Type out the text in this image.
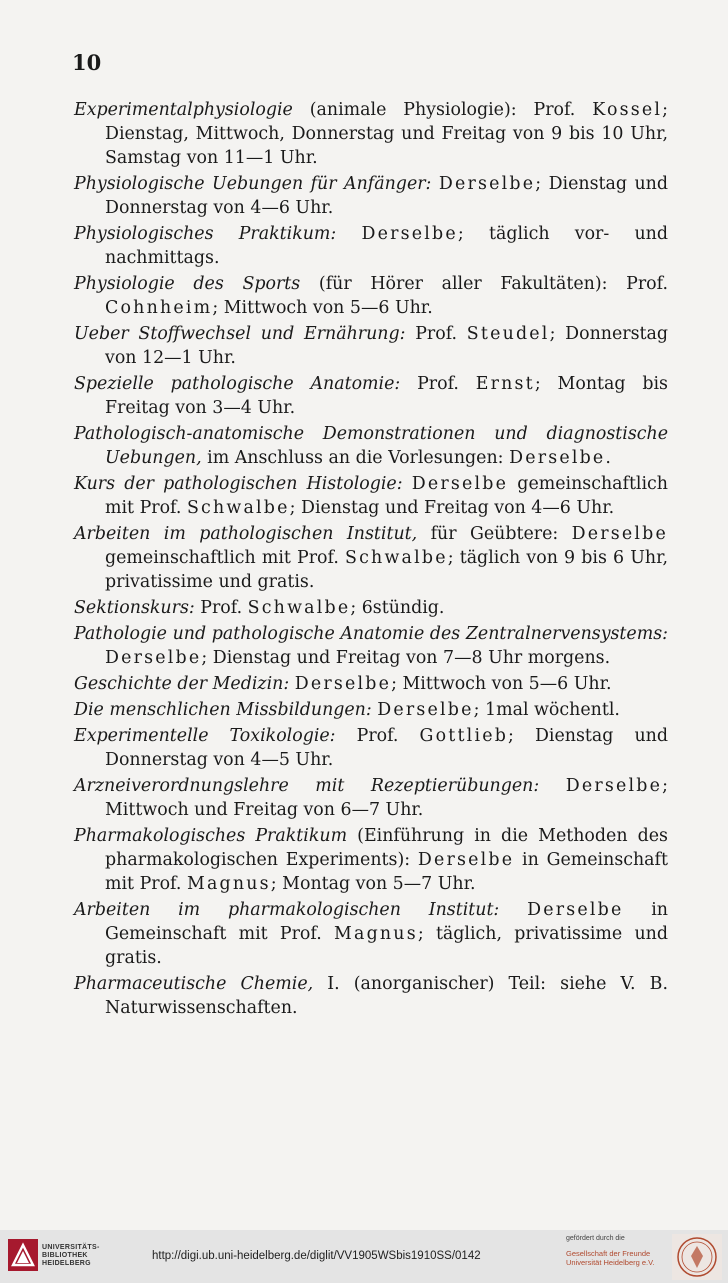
10

Experimentalphysiologie (animale Physiologie): Prof. Kossel; Dienstag, Mittwoch, Donnerstag und Freitag von 9 bis 10 Uhr, Samstag von 11—1 Uhr.

Physiologische Uebungen für Anfänger: Derselbe; Dienstag und Donnerstag von 4—6 Uhr.

Physiologisches Praktikum: Derselbe; täglich vor- und nachmittags.

Physiologie des Sports (für Hörer aller Fakultäten): Prof. Cohnheim; Mittwoch von 5—6 Uhr.

Ueber Stoffwechsel und Ernährung: Prof. Steudel; Donnerstag von 12—1 Uhr.

Spezielle pathologische Anatomie: Prof. Ernst; Montag bis Freitag von 3—4 Uhr.

Pathologisch-anatomische Demonstrationen und diagnostische Uebungen, im Anschluss an die Vorlesungen: Derselbe.

Kurs der pathologischen Histologie: Derselbe gemeinschaftlich mit Prof. Schwalbe; Dienstag und Freitag von 4—6 Uhr.

Arbeiten im pathologischen Institut, für Geübtere: Derselbe gemeinschaftlich mit Prof. Schwalbe; täglich von 9 bis 6 Uhr, privatissime und gratis.

Sektionskurs: Prof. Schwalbe; 6stündig.

Pathologie und pathologische Anatomie des Zentralnervensystems: Derselbe; Dienstag und Freitag von 7—8 Uhr morgens.

Geschichte der Medizin: Derselbe; Mittwoch von 5—6 Uhr.

Die menschlichen Missbildungen: Derselbe; 1mal wöchentl.

Experimentelle Toxikologie: Prof. Gottlieb; Dienstag und Donnerstag von 4—5 Uhr.

Arzneiverordnungslehre mit Rezeptierübungen: Derselbe; Mittwoch und Freitag von 6—7 Uhr.

Pharmakologisches Praktikum (Einführung in die Methoden des pharmakologischen Experiments): Derselbe in Gemeinschaft mit Prof. Magnus; Montag von 5—7 Uhr.

Arbeiten im pharmakologischen Institut: Derselbe in Gemeinschaft mit Prof. Magnus; täglich, privatissime und gratis.

Pharmaceutische Chemie, I. (anorganischer) Teil: siehe V. B. Naturwissenschaften.

UNIVERSITÄTS-
BIBLIOTHEK
HEIDELBERG
http://digi.ub.uni-heidelberg.de/diglit/VV1905WSbis1910SS/0142
gefördert durch die
Gesellschaft der Freunde
Universität Heidelberg e.V.
